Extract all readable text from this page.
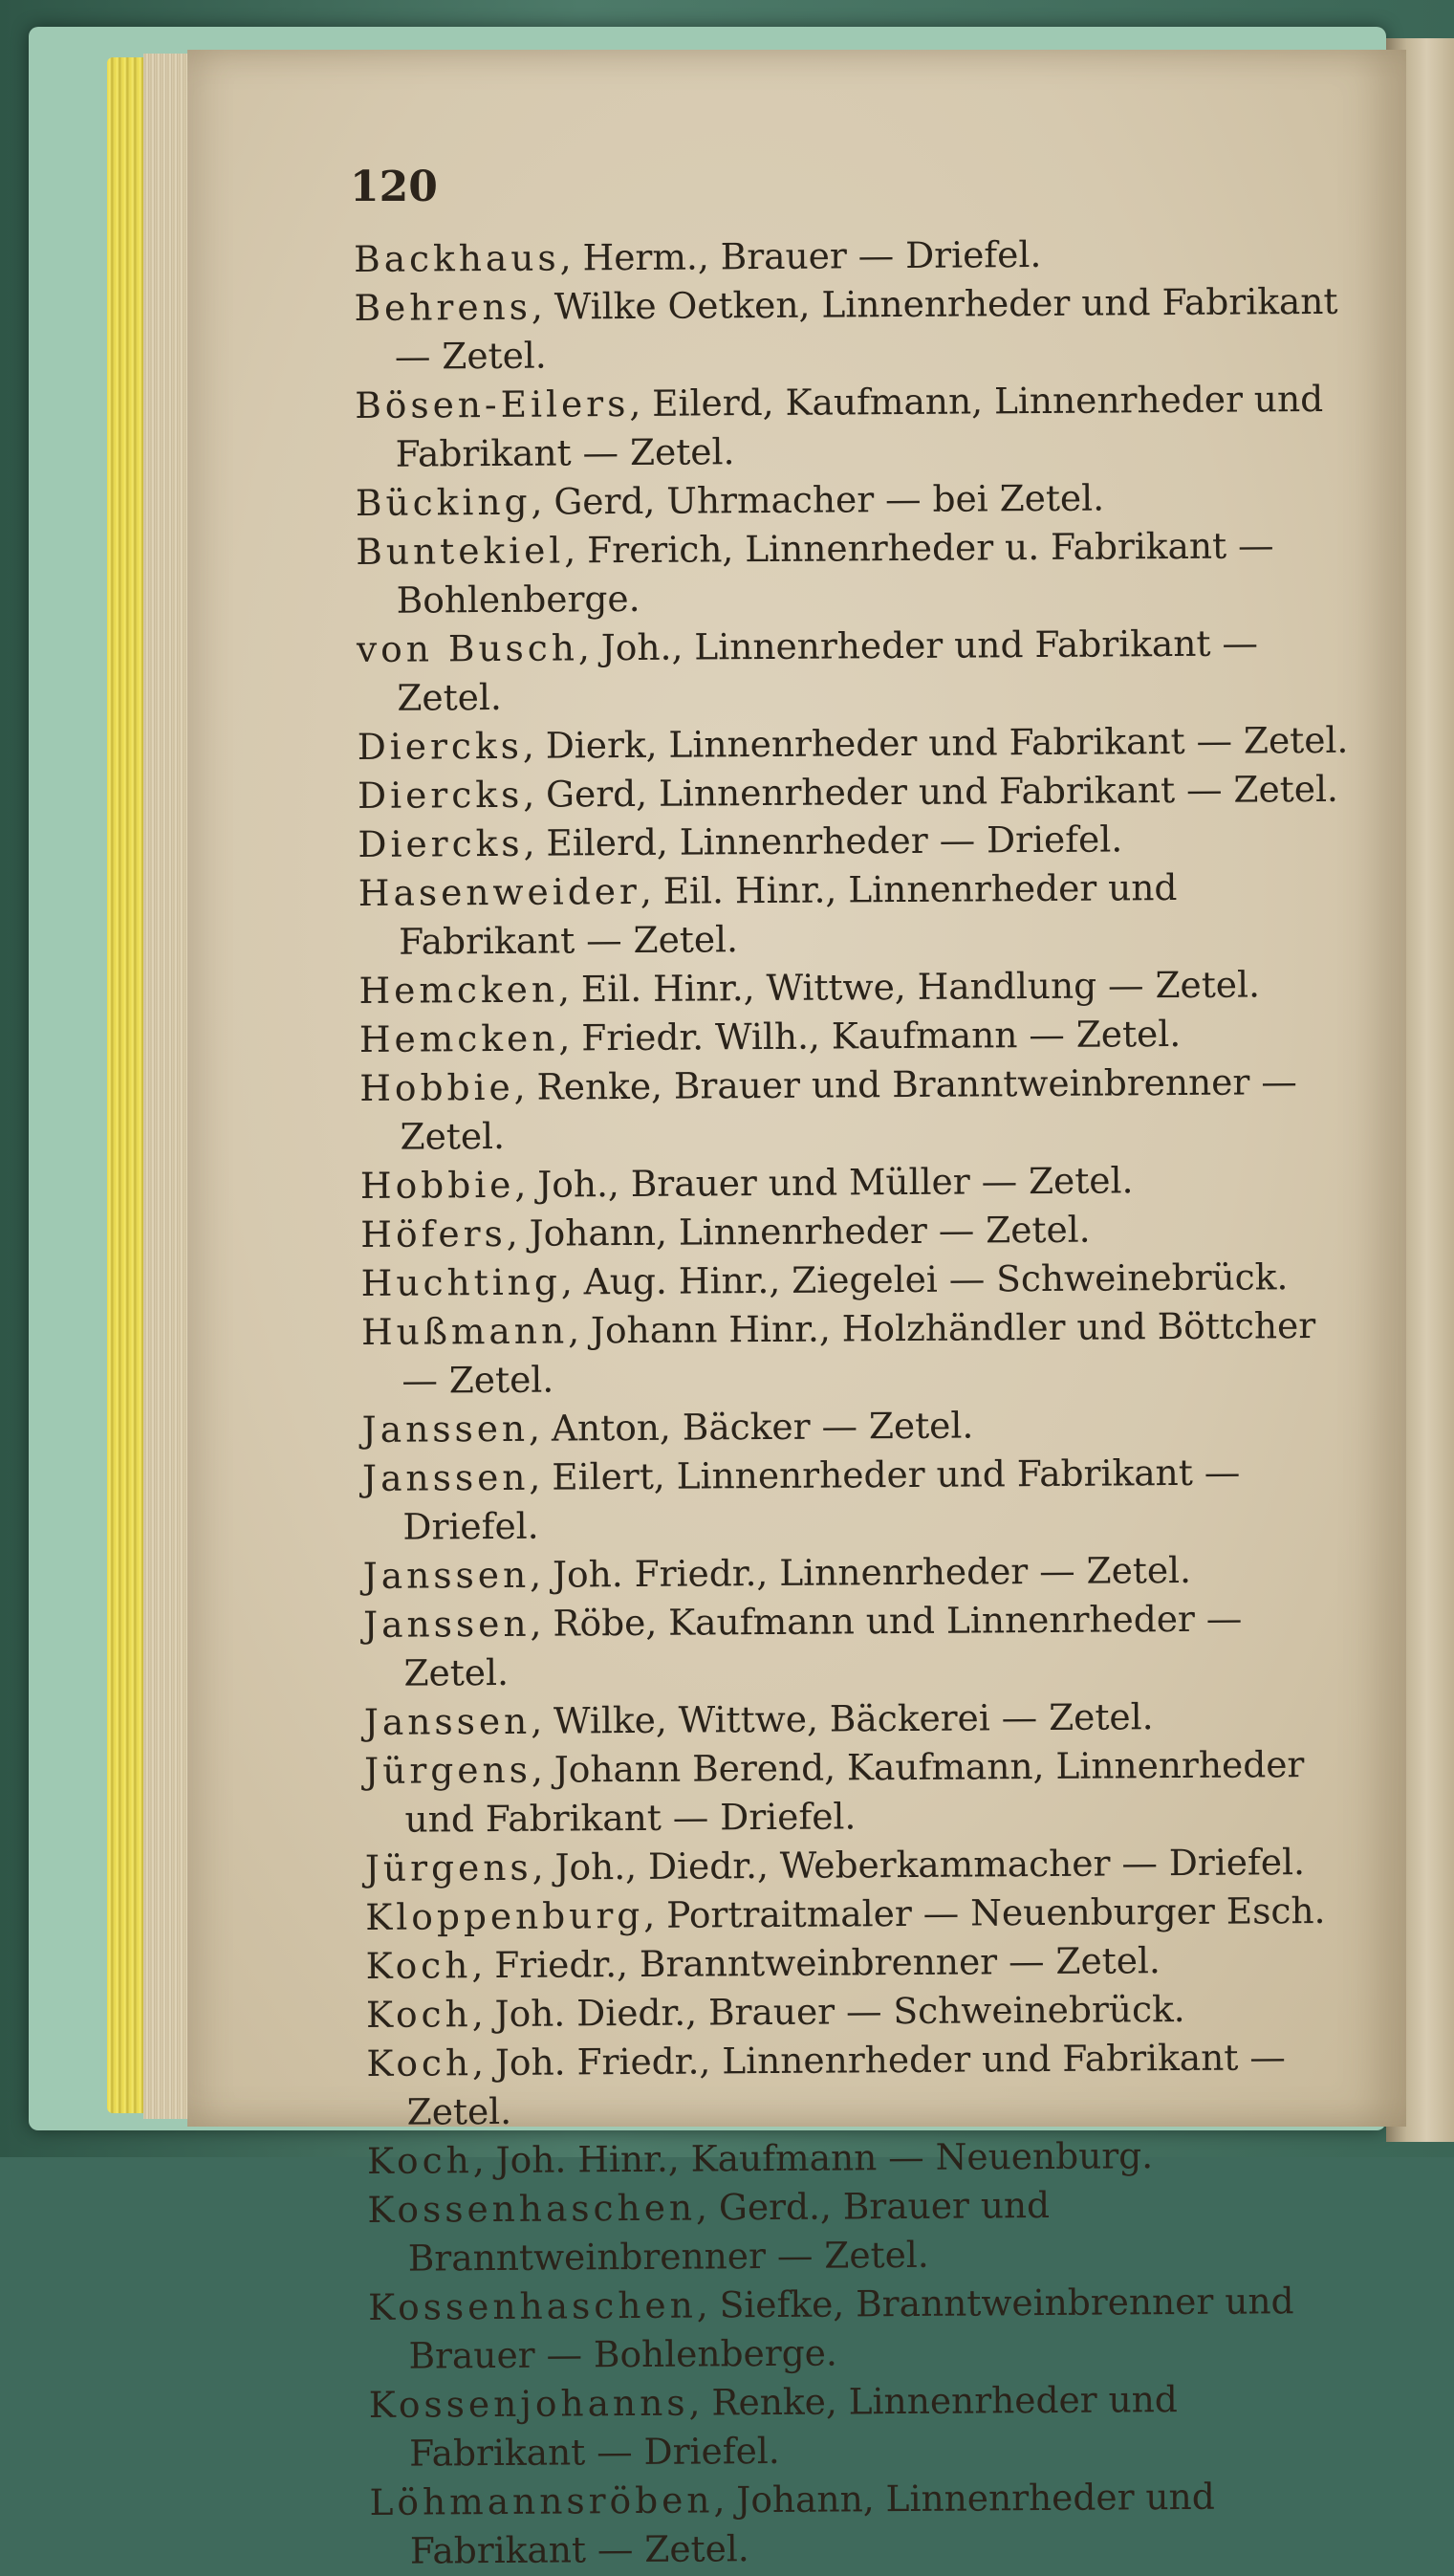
120

Backhaus, Herm., Brauer — Driefel.

Behrens, Wilke Oetken, Linnenrheder und Fabrikant — Zetel.

Bösen-Eilers, Eilerd, Kaufmann, Linnenrheder und Fabrikant — Zetel.

Bücking, Gerd, Uhrmacher — bei Zetel.

Buntekiel, Frerich, Linnenrheder u. Fabrikant — Bohlenberge.

von Busch, Joh., Linnenrheder und Fabrikant — Zetel.

Diercks, Dierk, Linnenrheder und Fabrikant — Zetel.

Diercks, Gerd, Linnenrheder und Fabrikant — Zetel.

Diercks, Eilerd, Linnenrheder — Driefel.

Hasenweider, Eil. Hinr., Linnenrheder und Fabrikant — Zetel.

Hemcken, Eil. Hinr., Wittwe, Handlung — Zetel.

Hemcken, Friedr. Wilh., Kaufmann — Zetel.

Hobbie, Renke, Brauer und Branntweinbrenner — Zetel.

Hobbie, Joh., Brauer und Müller — Zetel.

Höfers, Johann, Linnenrheder — Zetel.

Huchting, Aug. Hinr., Ziegelei — Schweinebrück.

Hußmann, Johann Hinr., Holzhändler und Böttcher — Zetel.

Janssen, Anton, Bäcker — Zetel.

Janssen, Eilert, Linnenrheder und Fabrikant — Driefel.

Janssen, Joh. Friedr., Linnenrheder — Zetel.

Janssen, Röbe, Kaufmann und Linnenrheder — Zetel.

Janssen, Wilke, Wittwe, Bäckerei — Zetel.

Jürgens, Johann Berend, Kaufmann, Linnenrheder und Fabrikant — Driefel.

Jürgens, Joh., Diedr., Weberkammacher — Driefel.

Kloppenburg, Portraitmaler — Neuenburger Esch.

Koch, Friedr., Branntweinbrenner — Zetel.

Koch, Joh. Diedr., Brauer — Schweinebrück.

Koch, Joh. Friedr., Linnenrheder und Fabrikant — Zetel.

Koch, Joh. Hinr., Kaufmann — Neuenburg.

Kossenhaschen, Gerd., Brauer und Branntweinbrenner — Zetel.

Kossenhaschen, Siefke, Branntweinbrenner und Brauer — Bohlenberge.

Kossenjohanns, Renke, Linnenrheder und Fabrikant — Driefel.

Löhmannsröben, Johann, Linnenrheder und Fabrikant — Zetel.
